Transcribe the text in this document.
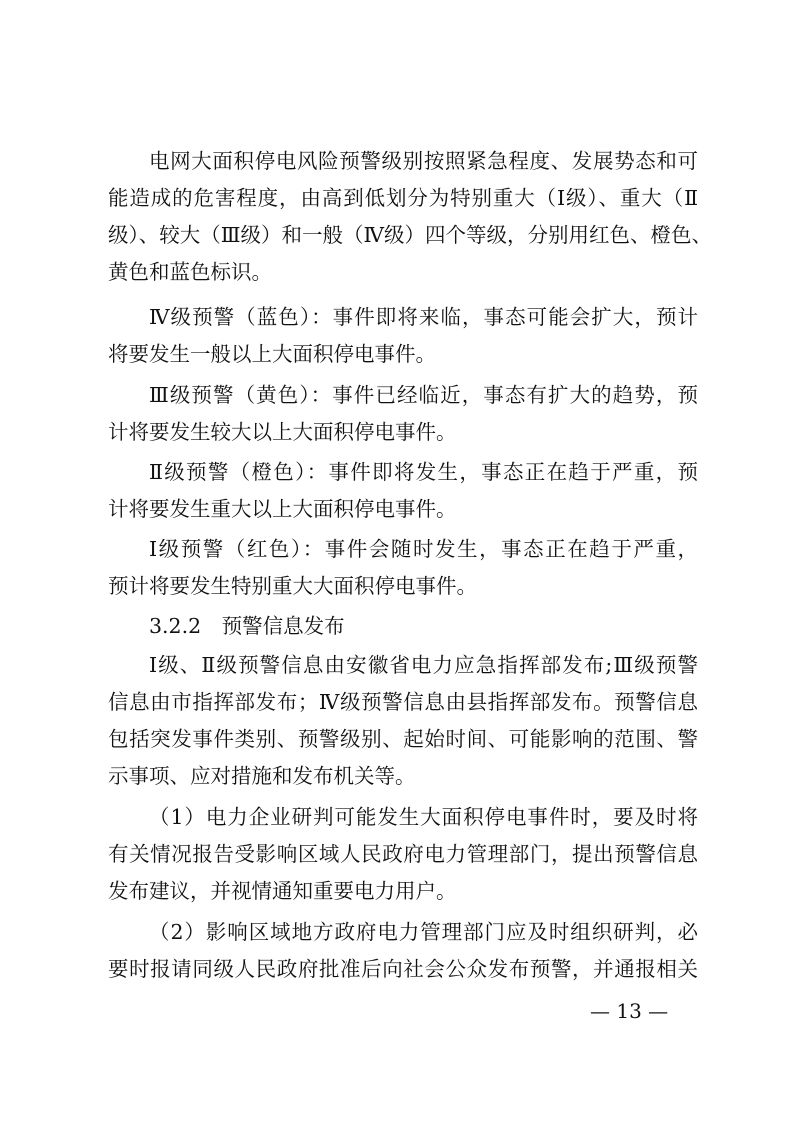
电网大面积停电风险预警级别按照紧急程度、发展势态和可
能造成的危害程度，由高到低划分为特别重大（Ⅰ级）、重大（Ⅱ
级）、较大（Ⅲ级）和一般（Ⅳ级）四个等级，分别用红色、橙色、
黄色和蓝色标识。
Ⅳ级预警（蓝色）：事件即将来临，事态可能会扩大，预计
将要发生一般以上大面积停电事件。
Ⅲ级预警（黄色）：事件已经临近，事态有扩大的趋势，预
计将要发生较大以上大面积停电事件。
Ⅱ级预警（橙色）：事件即将发生，事态正在趋于严重，预
计将要发生重大以上大面积停电事件。
Ⅰ级预警（红色）：事件会随时发生，事态正在趋于严重，
预计将要发生特别重大大面积停电事件。
3.2.2　预警信息发布
Ⅰ级、Ⅱ级预警信息由安徽省电力应急指挥部发布;Ⅲ级预警
信息由市指挥部发布；Ⅳ级预警信息由县指挥部发布。预警信息
包括突发事件类别、预警级别、起始时间、可能影响的范围、警
示事项、应对措施和发布机关等。
（1）电力企业研判可能发生大面积停电事件时，要及时将
有关情况报告受影响区域人民政府电力管理部门，提出预警信息
发布建议，并视情通知重要电力用户。
（2）影响区域地方政府电力管理部门应及时组织研判，必
要时报请同级人民政府批准后向社会公众发布预警，并通报相关
— 13 —
